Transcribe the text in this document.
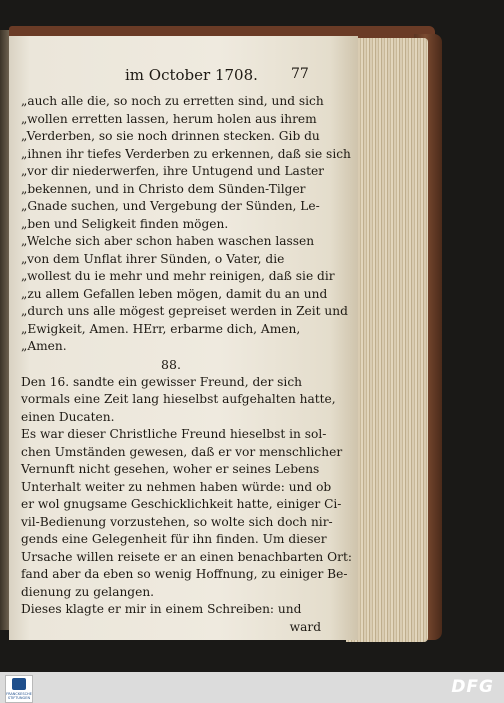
im October 1708. 77
„auch alle die, so noch zu erretten sind, und sich
„wollen erretten lassen, herum holen aus ihrem
„Verderben, so sie noch drinnen stecken. Gib du
„ihnen ihr tiefes Verderben zu erkennen, daß sie sich
„vor dir niederwerfen, ihre Untugend und Laster
„bekennen, und in Christo dem Sünden-Tilger
„Gnade suchen, und Vergebung der Sünden, Le-
„ben und Seligkeit finden mögen.
„Welche sich aber schon haben waschen lassen
„von dem Unflat ihrer Sünden, o Vater, die
„wollest du ie mehr und mehr reinigen, daß sie dir
„zu allem Gefallen leben mögen, damit du an und
„durch uns alle mögest gepreiset werden in Zeit und
„Ewigkeit, Amen. HErr, erbarme dich, Amen,
„Amen.
88.
Den 16. sandte ein gewisser Freund, der sich
vormals eine Zeit lang hieselbst aufgehalten hatte,
einen Ducaten.
Es war dieser Christliche Freund hieselbst in sol-
chen Umständen gewesen, daß er vor menschlicher
Vernunft nicht gesehen, woher er seines Lebens
Unterhalt weiter zu nehmen haben würde: und ob
er wol gnugsame Geschicklichkeit hatte, einiger Ci-
vil-Bedienung vorzustehen, so wolte sich doch nir-
gends eine Gelegenheit für ihn finden. Um dieser
Ursache willen reisete er an einen benachbarten Ort:
fand aber da eben so wenig Hoffnung, zu einiger Be-
dienung zu gelangen.
Dieses klagte er mir in einem Schreiben: und
ward
FRANCKESCHE STIFTUNGEN
DFG
